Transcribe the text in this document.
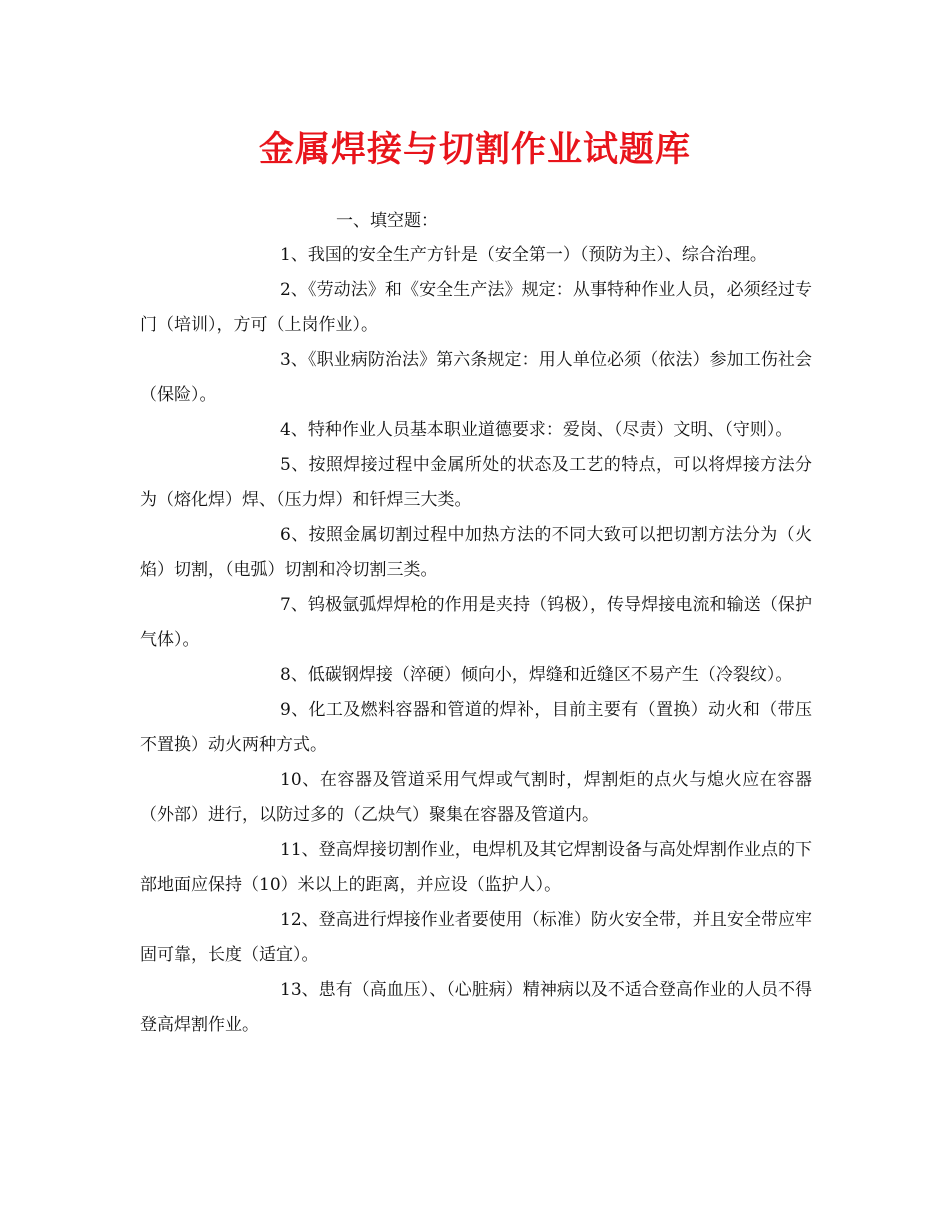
金属焊接与切割作业试题库
一、填空题：
1、我国的安全生产方针是（安全第一）（预防为主）、综合治理。
2、《劳动法》和《安全生产法》规定：从事特种作业人员，必须经过专门（培训），方可（上岗作业）。
3、《职业病防治法》第六条规定：用人单位必须（依法）参加工伤社会（保险）。
4、特种作业人员基本职业道德要求：爱岗、（尽责）文明、（守则）。
5、按照焊接过程中金属所处的状态及工艺的特点，可以将焊接方法分为（熔化焊）焊、（压力焊）和钎焊三大类。
6、按照金属切割过程中加热方法的不同大致可以把切割方法分为（火焰）切割，（电弧）切割和冷切割三类。
7、钨极氩弧焊焊枪的作用是夹持（钨极），传导焊接电流和输送（保护气体）。
8、低碳钢焊接（淬硬）倾向小，焊缝和近缝区不易产生（冷裂纹）。
9、化工及燃料容器和管道的焊补，目前主要有（置换）动火和（带压不置换）动火两种方式。
10、在容器及管道采用气焊或气割时，焊割炬的点火与熄火应在容器（外部）进行，以防过多的（乙炔气）聚集在容器及管道内。
11、登高焊接切割作业，电焊机及其它焊割设备与高处焊割作业点的下部地面应保持（10）米以上的距离，并应设（监护人）。
12、登高进行焊接作业者要使用（标准）防火安全带，并且安全带应牢固可靠，长度（适宜）。
13、患有（高血压）、（心脏病）精神病以及不适合登高作业的人员不得登高焊割作业。
